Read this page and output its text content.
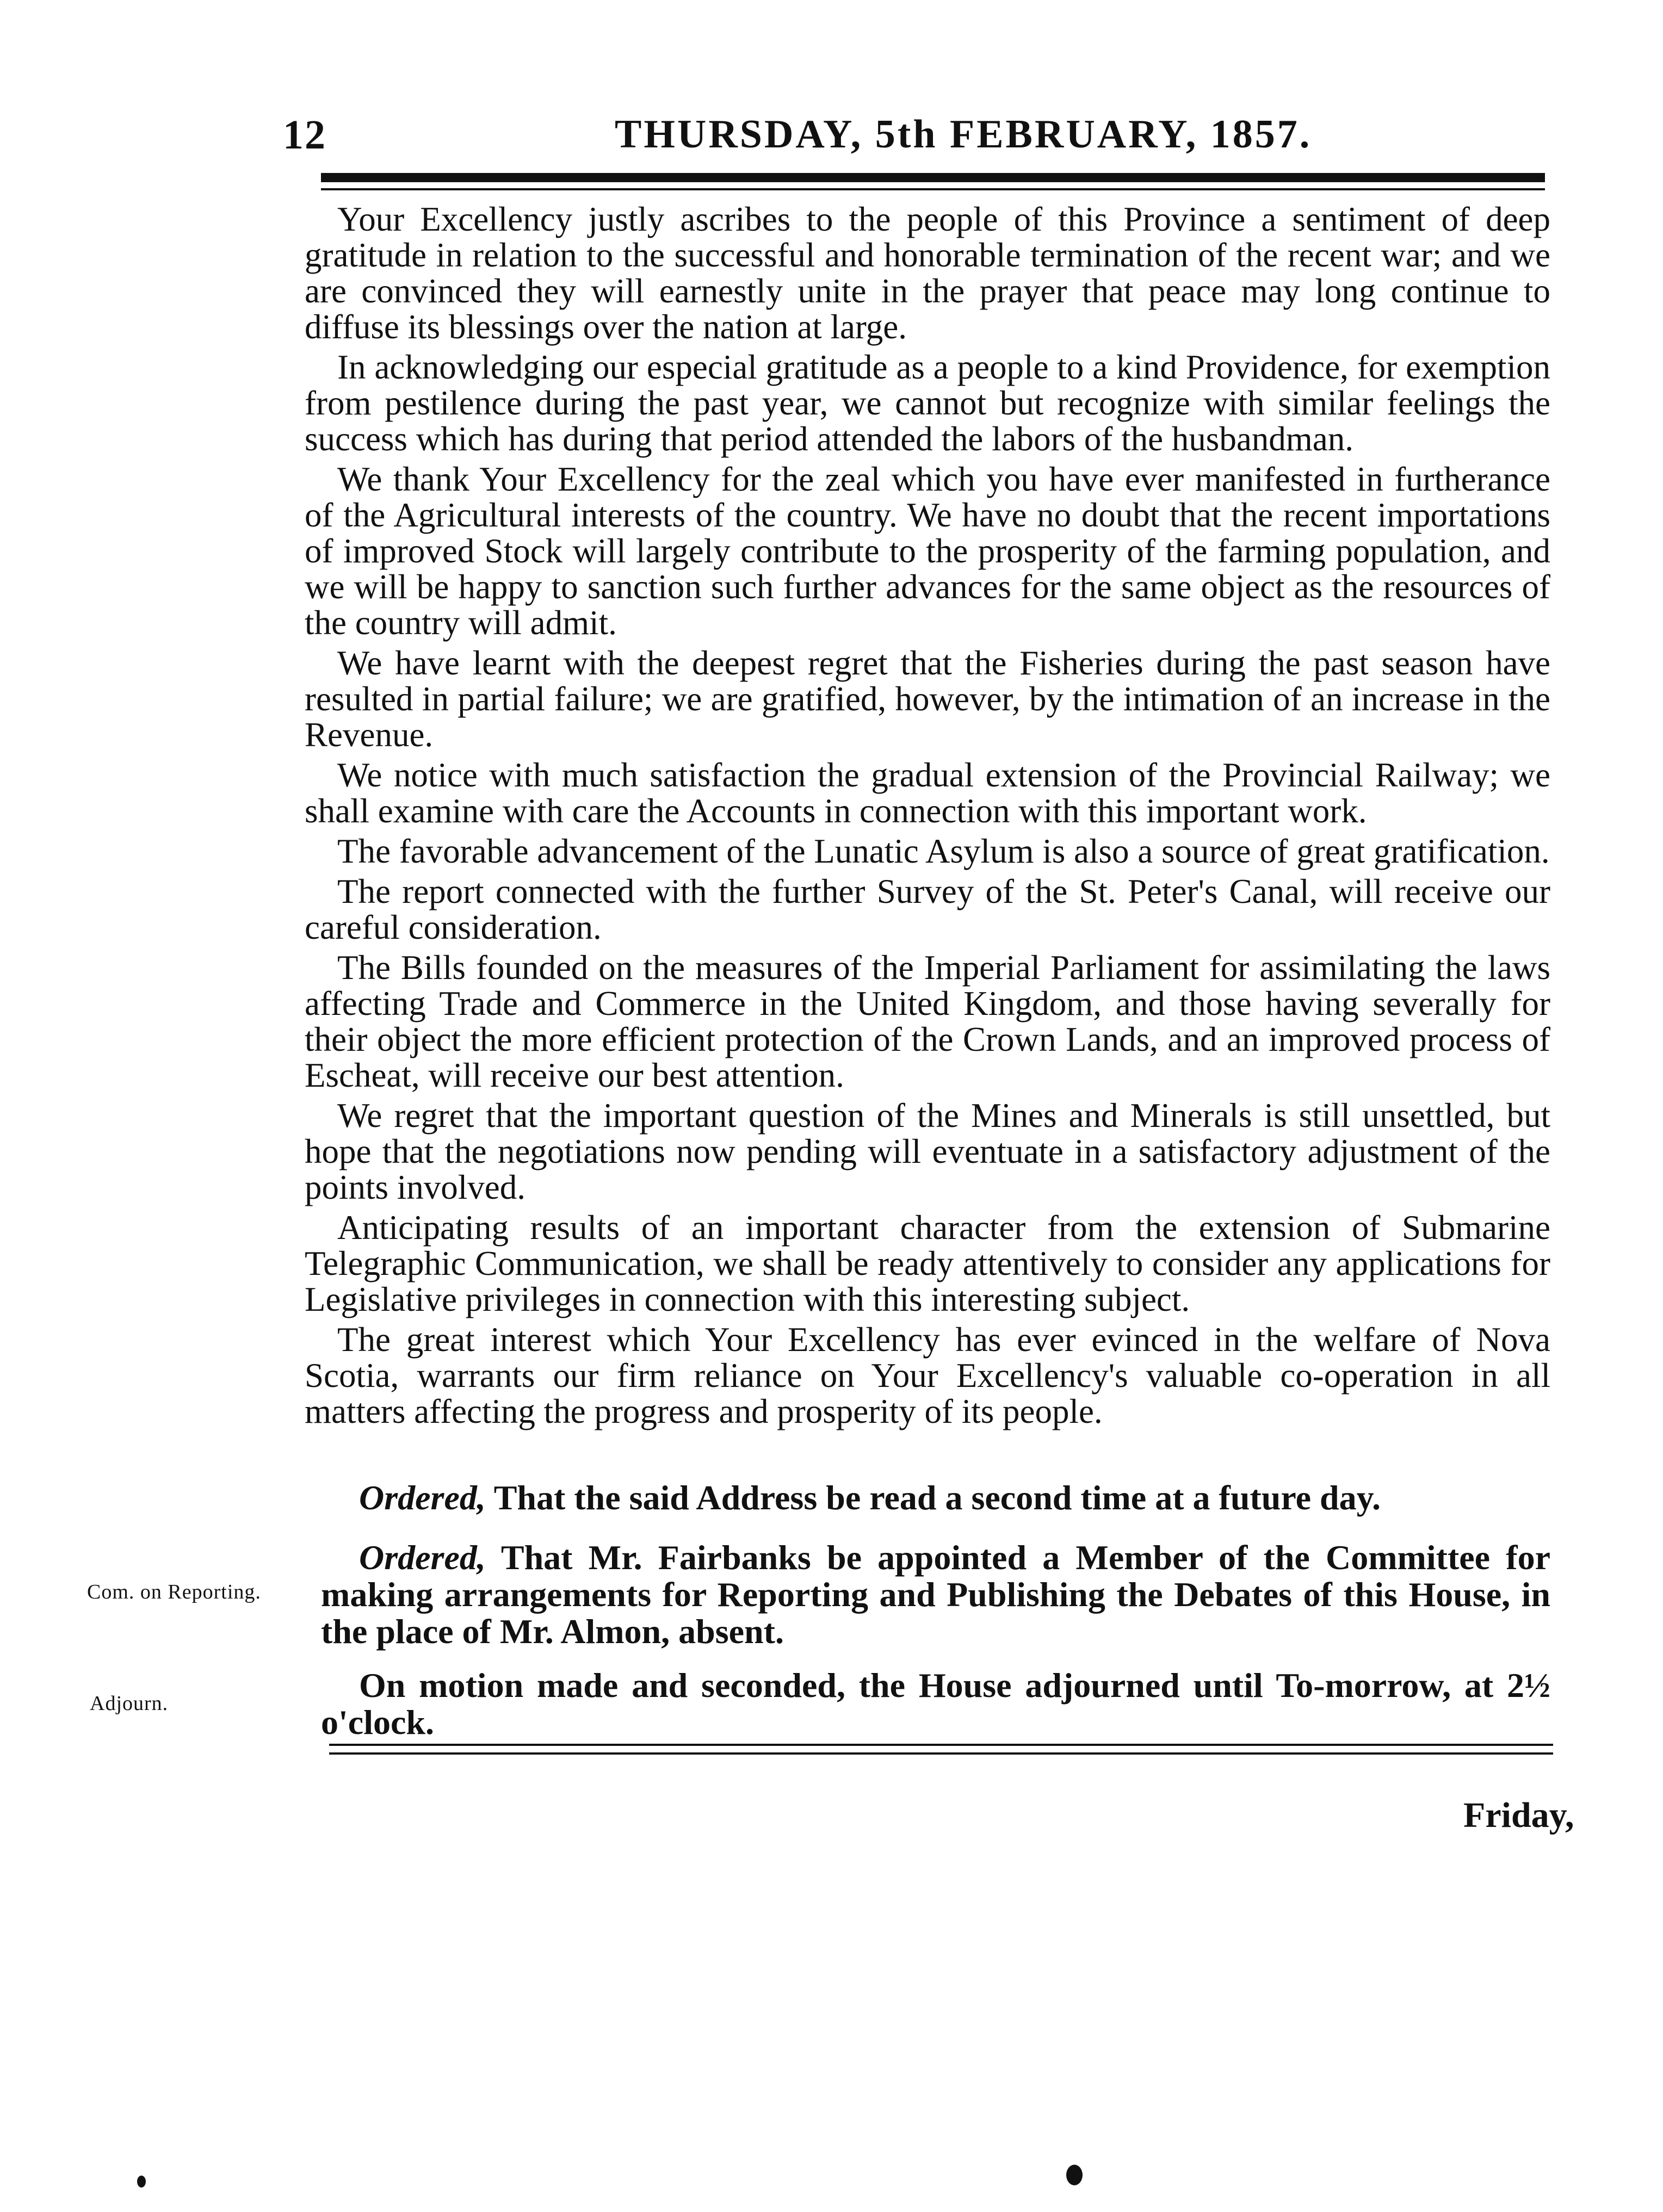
12	THURSDAY, 5th FEBRUARY, 1857.

Your Excellency justly ascribes to the people of this Province a sentiment of deep gratitude in relation to the successful and honorable termination of the recent war; and we are convinced they will earnestly unite in the prayer that peace may long continue to diffuse its blessings over the nation at large.

In acknowledging our especial gratitude as a people to a kind Providence, for exemption from pestilence during the past year, we cannot but recognize with similar feelings the success which has during that period attended the labors of the husbandman.

We thank Your Excellency for the zeal which you have ever manifested in furtherance of the Agricultural interests of the country. We have no doubt that the recent importations of improved Stock will largely contribute to the prosperity of the farming population, and we will be happy to sanction such further advances for the same object as the resources of the country will admit.

We have learnt with the deepest regret that the Fisheries during the past season have resulted in partial failure; we are gratified, however, by the intimation of an increase in the Revenue.

We notice with much satisfaction the gradual extension of the Provincial Railway; we shall examine with care the Accounts in connection with this important work.

The favorable advancement of the Lunatic Asylum is also a source of great gratification.

The report connected with the further Survey of the St. Peter's Canal, will receive our careful consideration.

The Bills founded on the measures of the Imperial Parliament for assimilating the laws affecting Trade and Commerce in the United Kingdom, and those having severally for their object the more efficient protection of the Crown Lands, and an improved process of Escheat, will receive our best attention.

We regret that the important question of the Mines and Minerals is still unsettled, but hope that the negotiations now pending will eventuate in a satisfactory adjustment of the points involved.

Anticipating results of an important character from the extension of Submarine Telegraphic Communication, we shall be ready attentively to consider any applications for Legislative privileges in connection with this interesting subject.

The great interest which Your Excellency has ever evinced in the welfare of Nova Scotia, warrants our firm reliance on Your Excellency's valuable co-operation in all matters affecting the progress and prosperity of its people.

Ordered, That the said Address be read a second time at a future day.

Ordered, That Mr. Fairbanks be appointed a Member of the Committee for making arrangements for Reporting and Publishing the Debates of this House, in the place of Mr. Almon, absent.

On motion made and seconded, the House adjourned until To-morrow, at 2½ o'clock.

Com. on Reporting.
Adjourn.
Friday,
